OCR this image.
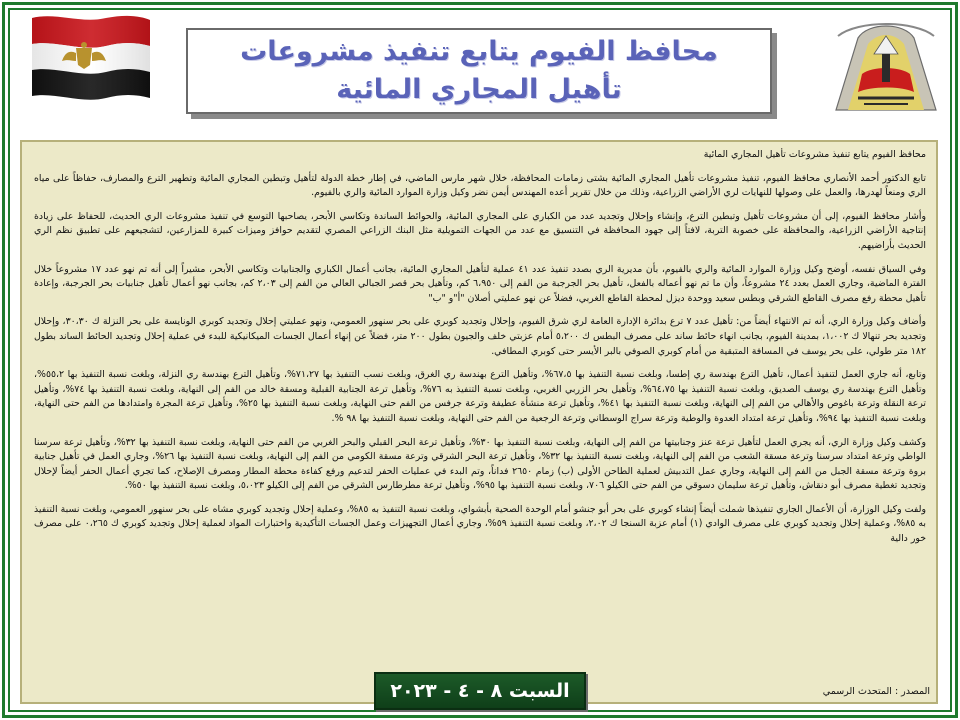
محافظ الفيوم يتابع تنفيذ مشروعات تأهيل المجاري المائية

محافظ الفيوم يتابع تنفيذ مشروعات تأهيل المجاري المائية

تابع الدكتور أحمد الأنصاري محافظ الفيوم، تنفيذ مشروعات تأهيل المجاري المائية بشتى زمامات المحافظة، خلال شهر مارس الماضي، في إطار خطة الدولة لتأهيل وتبطين المجاري المائية وتطهير الترع والمصارف، حفاظاً على مياه الري ومنعاً لهدرها، والعمل على وصولها للنهايات لري الأراضي الزراعية، وذلك من خلال تقرير أعده المهندس أيمن نضر وكيل وزارة الموارد المائية والري بالفيوم.

وأشار محافظ الفيوم، إلى أن مشروعات تأهيل وتبطين الترع، وإنشاء وإحلال وتجديد عدد من الكباري على المجاري المائية، والحوائط الساندة وتكاسي الأبحر، يصاحبها التوسع في تنفيذ مشروعات الري الحديث، للحفاظ على زيادة إنتاجية الأراضي الزراعية، والمحافظة على خصوبة التربة، لافتاً إلى جهود المحافظة في التنسيق مع عدد من الجهات التمويلية مثل البنك الزراعي المصري لتقديم حوافز وميزات كبيرة للمزارعين، لتشجيعهم على تطبيق نظم الري الحديث بأراضيهم.

وفي السياق نفسه، أوضح وكيل وزارة الموارد المائية والري بالفيوم، بأن مديرية الري بصدد تنفيذ عدد ٤١ عملية لتأهيل المجاري المائية، بجانب أعمال الكباري والجنابيات وتكاسي الأبحر، مشيراً إلى أنه تم نهو عدد ١٧ مشروعاً خلال الفترة الماضية، وجاري العمل بعدد ٢٤ مشروعاً، وأن ما تم نهو أعماله بالفعل، تأهيل بحر الجرجبة من الفم إلى ٦،٩٥٠ كم، وتأهيل بحر قصر الجبالي العالي من الفم إلى ٢،٠٣ كم، بجانب نهو أعمال تأهيل جنابيات بحر الجرجبة، وإعادة تأهيل محطة رفع مصرف القاطع الشرقي وبطس سعيد ووحدة ديزل لمحطة القاطع الغربي، فضلاً عن نهو عمليتي أصلان "أ"و "ب"

وأضاف وكيل وزارة الري، أنه تم الانتهاء أيضاً من: تأهيل عدد ٧ ترع بدائرة الإدارة العامة لري شرق الفيوم، وإحلال وتجديد كوبري على بحر سنهور العمومي، ونهو عمليتي إحلال وتجديد كوبري الونايسة على بحر النزلة ك ٣٠،٣٠، وإحلال وتجديد بحر تنهالا ك ١،٠٠٢، بمدينة الفيوم، بجانب انهاء حائط ساند على مصرف البطس ك ٥،٢٠٠ أمام عزبتي خلف والجيون بطول ٢٠٠ متر، فضلاً عن إنهاء أعمال الجسات الميكانيكية للبدء في عملية إحلال وتجديد الحائط الساند بطول ١٨٢ متر طولي، على بحر يوسف في المسافة المتبقية من أمام كوبري الصوفي بالبر الأيسر حتى كوبري المطافي.

وتابع، أنه جاري العمل لتنفيذ أعمال، تأهيل الترع بهندسة ري إطسا، وبلغت نسبة التنفيذ بها ٦٧،٥%، وتأهيل الترع بهندسة ري الغرق، وبلغت نسب التنفيذ بها ٧١،٢٧%، وتأهيل الترع بهندسة ري النزلة، وبلغت نسبة التنفيذ بها ٥٥،٢%، وتأهيل الترع بهندسة ري يوسف الصديق، وبلغت نسبة التنفيذ بها ٦٤،٧٥%، وتأهيل بحر الزربي الغربي، وبلغت نسبة التنفيذ به ٧٦%، وتأهيل ترعة الجنابية القبلية ومسقة خالد من الفم إلى النهاية، وبلغت نسبة التنفيذ بها ٧٤%، وتأهيل ترعة النقلة وترعة باغوص والأهالي من الفم إلى النهاية، وبلغت نسبة التنفيذ بها ٤١%، وتأهيل ترعة منشأة عطيفة وترعة جرفس من الفم حتى النهاية، وبلغت نسبة التنفيذ بها ٢٥%، وتأهيل ترعة المجرة وامتدادها من الفم حتى النهاية، وبلغت نسبة التنفيذ بها ٩٤%، وتأهيل ترعة امتداد العدوة والوطية وترعة سراج الوسطاني وترعة الرجعية من الفم حتى النهاية، وبلغت نسبة التنفيذ بها ٩٨ %.

وكشف وكيل وزارة الري، أنه يجري العمل لتأهيل ترعة عنز وجنابيتها من الفم إلى النهاية، وبلغت نسبة التنفيذ بها ٣٠%، وتأهيل ترعة البحر القبلي والبحر الغربي من الفم حتى النهاية، وبلغت نسبة التنفيذ بها ٣٢%، وتأهيل ترعة سرسنا الواطي وترعة امتداد سرسنا وترعة مسقة الشعب من الفم إلى النهاية، وبلغت نسبة التنفيذ بها ٣٢%، وتأهيل ترعة البحر الشرقي وترعة مسقة الكومي من الفم إلى النهاية، وبلغت نسبة التنفيذ بها ٢٦%، وجاري العمل في تأهيل جنابية بروة وترعة مسقة الجبل من الفم إلى النهاية، وجاري عمل التدبيش لعملية الطاحن الأولى (ب) زمام ٢٦٥٠ فداناً، وتم البدء في عمليات الحفر لتدعيم ورفع كفاءة محطة المطار ومصرف الإصلاح، كما تجري أعمال الحفر أيضاً لإحلال وتجديد تغطية مصرف أبو دنقاش، وتأهيل ترعة سليمان دسوقي من الفم حتى الكيلو ٧٠٦، وبلغت نسبة التنفيذ بها ٩٥%، وتأهيل ترعة مطرطارس الشرقي من الفم إلى الكيلو ٥،٠٢٣، وبلغت نسبة التنفيذ بها ٥٠%.

ولفت وكيل الوزارة، أن الأعمال الجاري تنفيذها شملت أيضاً إنشاء كوبري على بحر أبو جنشو أمام الوحدة الصحية بأبشواي، وبلغت نسبة التنفيذ به ٨٥%، وعملية إحلال وتجديد كوبري مشاه على بحر سنهور العمومي، وبلغت نسبة التنفيذ به ٨٥%، وعملية إحلال وتجديد كوبري على مصرف الوادي (١) أمام عزبة السنجا ك ٢،٠٢، وبلغت نسبة التنفيذ ٥٩%، وجاري أعمال التجهيزات وعمل الجسات التأكيدية واختبارات المواد لعملية إحلال وتجديد كوبري ك ٠،٢٦٥ على مصرف خور دالية

المصدر : المتحدث الرسمي
السبت ٨ - ٤ - ٢٠٢٣
